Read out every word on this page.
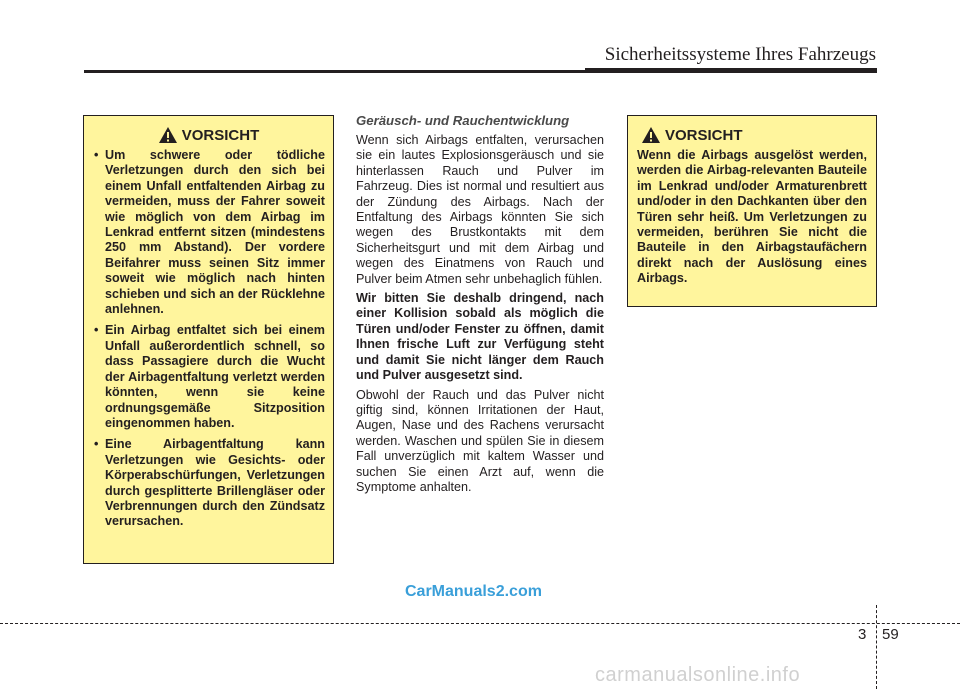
Sicherheitssysteme Ihres Fahrzeugs
VORSICHT
• Um schwere oder tödliche Verletzungen durch den sich bei einem Unfall entfaltenden Airbag zu vermeiden, muss der Fahrer soweit wie möglich von dem Airbag im Lenkrad entfernt sitzen (mindestens 250 mm Abstand). Der vordere Beifahrer muss seinen Sitz immer soweit wie möglich nach hinten schieben und sich an der Rücklehne anlehnen.
• Ein Airbag entfaltet sich bei einem Unfall außerordentlich schnell, so dass Passagiere durch die Wucht der Airbagentfaltung verletzt werden könnten, wenn sie keine ordnungsgemäße Sitzposition eingenommen haben.
• Eine Airbagentfaltung kann Verletzungen wie Gesichts- oder Körperabschürfungen, Verletzungen durch gesplitterte Brillengläser oder Verbrennungen durch den Zündsatz verursachen.

Geräusch- und Rauchentwicklung

Wenn sich Airbags entfalten, verursachen sie ein lautes Explosionsgeräusch und sie hinterlassen Rauch und Pulver im Fahrzeug. Dies ist normal und resultiert aus der Zündung des Airbags. Nach der Entfaltung des Airbags könnten Sie sich wegen des Brustkontakts mit dem Sicherheitsgurt und mit dem Airbag und wegen des Einatmens von Rauch und Pulver beim Atmen sehr unbehaglich fühlen.

Wir bitten Sie deshalb dringend, nach einer Kollision sobald als möglich die Türen und/oder Fenster zu öffnen, damit Ihnen frische Luft zur Verfügung steht und damit Sie nicht länger dem Rauch und Pulver ausgesetzt sind.

Obwohl der Rauch und das Pulver nicht giftig sind, können Irritationen der Haut, Augen, Nase und des Rachens verursacht werden. Waschen und spülen Sie in diesem Fall unverzüglich mit kaltem Wasser und suchen Sie einen Arzt auf, wenn die Symptome anhalten.

VORSICHT

Wenn die Airbags ausgelöst werden, werden die Airbag-relevanten Bauteile im Lenkrad und/oder Armaturenbrett und/oder in den Dachkanten über den Türen sehr heiß. Um Verletzungen zu vermeiden, berühren Sie nicht die Bauteile in den Airbagstaufächern direkt nach der Auslösung eines Airbags.

CarManuals2.com
3 59
carmanualsonline.info
